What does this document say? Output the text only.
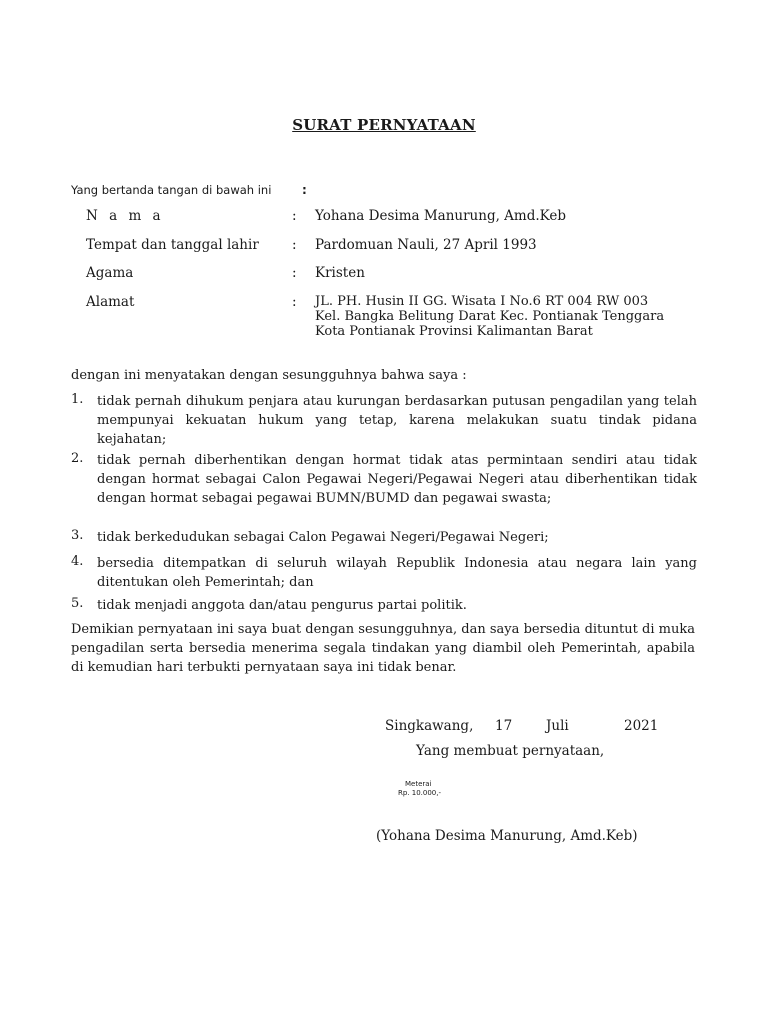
SURAT PERNYATAAN
Yang bertanda tangan di bawah ini	:
N a m a	: Yohana Desima Manurung, Amd.Keb
Tempat dan tanggal lahir : Pardomuan Nauli, 27 April 1993
Agama	: Kristen
Alamat	: JL. PH. Husin II GG. Wisata I No.6 RT 004 RW 003
Kel. Bangka Belitung Darat Kec. Pontianak Tenggara
Kota Pontianak Provinsi Kalimantan Barat
dengan ini menyatakan dengan sesungguhnya bahwa saya :
1. tidak pernah dihukum penjara atau kurungan berdasarkan putusan pengadilan yang telah mempunyai kekuatan hukum yang tetap, karena melakukan suatu tindak pidana kejahatan;
2. tidak pernah diberhentikan dengan hormat tidak atas permintaan sendiri atau tidak dengan hormat sebagai Calon Pegawai Negeri/Pegawai Negeri atau diberhentikan tidak dengan hormat sebagai pegawai BUMN/BUMD dan pegawai swasta;
3. tidak berkedudukan sebagai Calon Pegawai Negeri/Pegawai Negeri;
4. bersedia ditempatkan di seluruh wilayah Republik Indonesia atau negara lain yang ditentukan oleh Pemerintah; dan
5. tidak menjadi anggota dan/atau pengurus partai politik.
Demikian pernyataan ini saya buat dengan sesungguhnya, dan saya bersedia dituntut di muka pengadilan serta bersedia menerima segala tindakan yang diambil oleh Pemerintah, apabila di kemudian hari terbukti pernyataan saya ini tidak benar.
Singkawang, 17	Juli	2021
Yang membuat pernyataan,
Meterai
Rp. 10.000,-
(Yohana Desima Manurung, Amd.Keb)
